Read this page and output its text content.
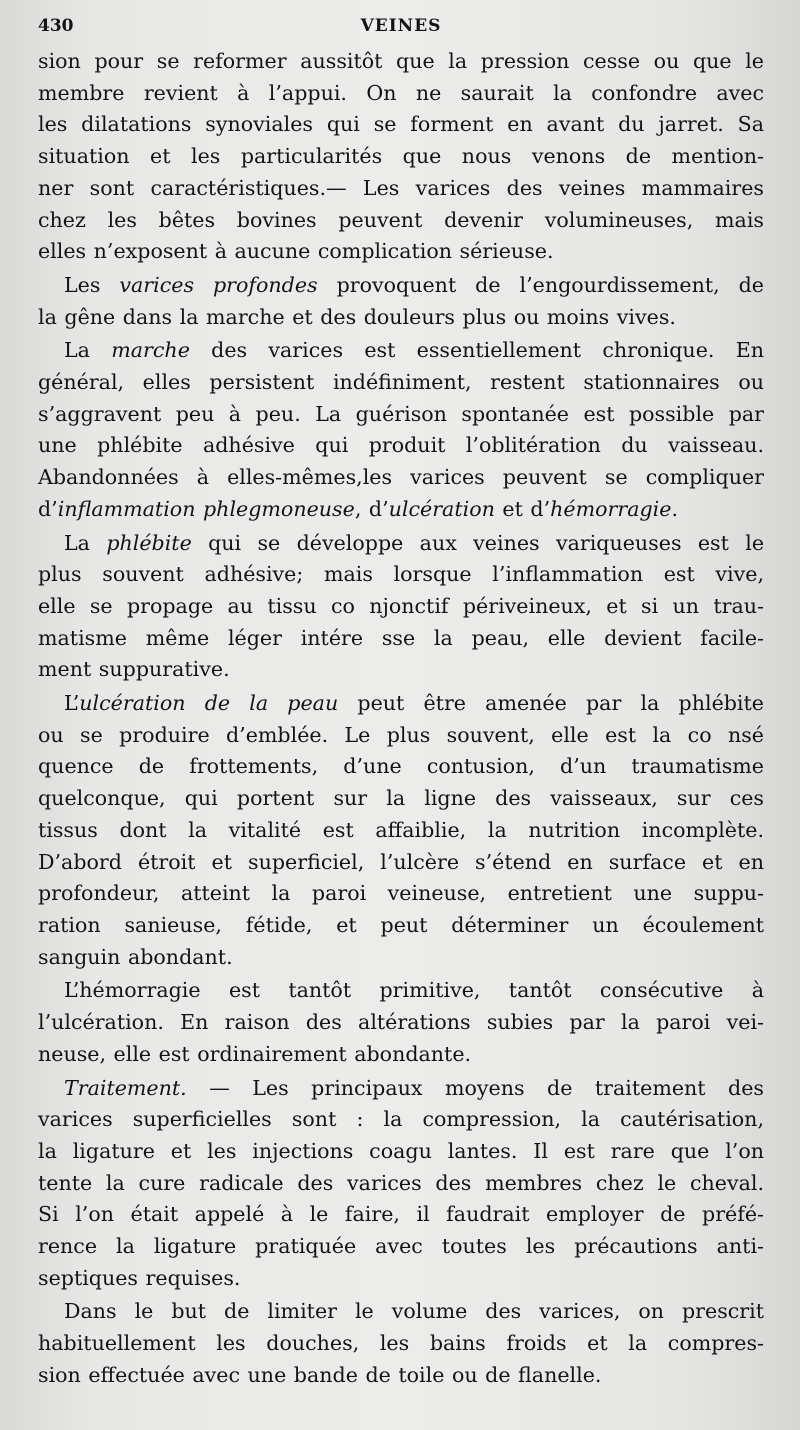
430	VEINES
sion pour se reformer aussitôt que la pression cesse ou que le
membre revient à l’appui. On ne saurait la confondre avec
les dilatations synoviales qui se forment en avant du jarret. Sa
situation et les particularités que nous venons de mention-
ner sont caractéristiques.— Les varices des veines mammaires
chez les bêtes bovines peuvent devenir volumineuses, mais
elles n’exposent à aucune complication sérieuse.
Les varices profondes provoquent de l’engourdissement, de
la gêne dans la marche et des douleurs plus ou moins vives.
La marche des varices est essentiellement chronique. En
général, elles persistent indéfiniment, restent stationnaires ou
s’aggravent peu à peu. La guérison spontanée est possible par
une phlébite adhésive qui produit l’oblitération du vaisseau.
Abandonnées à elles-mêmes,les varices peuvent se compliquer
d’inflammation phlegmoneuse, d’ulcération et d’hémorragie.
La phlébite qui se développe aux veines variqueuses est le
plus souvent adhésive; mais lorsque l’inflammation est vive,
elle se propage au tissu co njonctif périveineux, et si un trau-
matisme même léger intére sse la peau, elle devient facile-
ment suppurative.
L’ulcération de la peau peut être amenée par la phlébite
ou se produire d’emblée. Le plus souvent, elle est la co nsé
quence de frottements, d’une contusion, d’un traumatisme
quelconque, qui portent sur la ligne des vaisseaux, sur ces
tissus dont la vitalité est affaiblie, la nutrition incomplète.
D’abord étroit et superficiel, l’ulcère s’étend en surface et en
profondeur, atteint la paroi veineuse, entretient une suppu-
ration sanieuse, fétide, et peut déterminer un écoulement
sanguin abondant.
L’hémorragie est tantôt primitive, tantôt consécutive à
l’ulcération. En raison des altérations subies par la paroi vei-
neuse, elle est ordinairement abondante.
Traitement. — Les principaux moyens de traitement des
varices superficielles sont : la compression, la cautérisation,
la ligature et les injections coagu lantes. Il est rare que l’on
tente la cure radicale des varices des membres chez le cheval.
Si l’on était appelé à le faire, il faudrait employer de préfé-
rence la ligature pratiquée avec toutes les précautions anti-
septiques requises.
Dans le but de limiter le volume des varices, on prescrit
habituellement les douches, les bains froids et la compres-
sion effectuée avec une bande de toile ou de flanelle.
